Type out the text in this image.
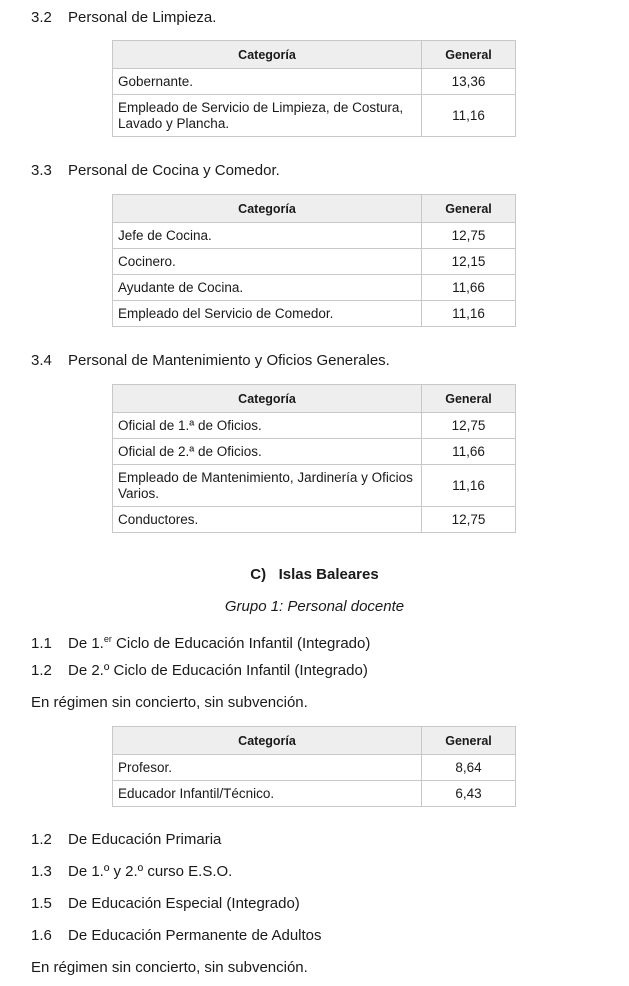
3.2 Personal de Limpieza.
Categoría	General
Gobernante.	13,36
Empleado de Servicio de Limpieza, de Costura, Lavado y Plancha.	11,16
3.3 Personal de Cocina y Comedor.
Categoría	General
Jefe de Cocina.	12,75
Cocinero.	12,15
Ayudante de Cocina.	11,66
Empleado del Servicio de Comedor.	11,16
3.4 Personal de Mantenimiento y Oficios Generales.
Categoría	General
Oficial de 1.ª de Oficios.	12,75
Oficial de 2.ª de Oficios.	11,66
Empleado de Mantenimiento, Jardinería y Oficios Varios.	11,16
Conductores.	12,75
C) Islas Baleares
Grupo 1: Personal docente
1.1 De 1.$^{er}$ Ciclo de Educación Infantil (Integrado)
1.2 De 2.º Ciclo de Educación Infantil (Integrado)
En régimen sin concierto, sin subvención.
Categoría	General
Profesor.	8,64
Educador Infantil/Técnico.	6,43
1.2 De Educación Primaria
1.3 De 1.º y 2.º curso E.S.O.
1.5 De Educación Especial (Integrado)
1.6 De Educación Permanente de Adultos
En régimen sin concierto, sin subvención.
